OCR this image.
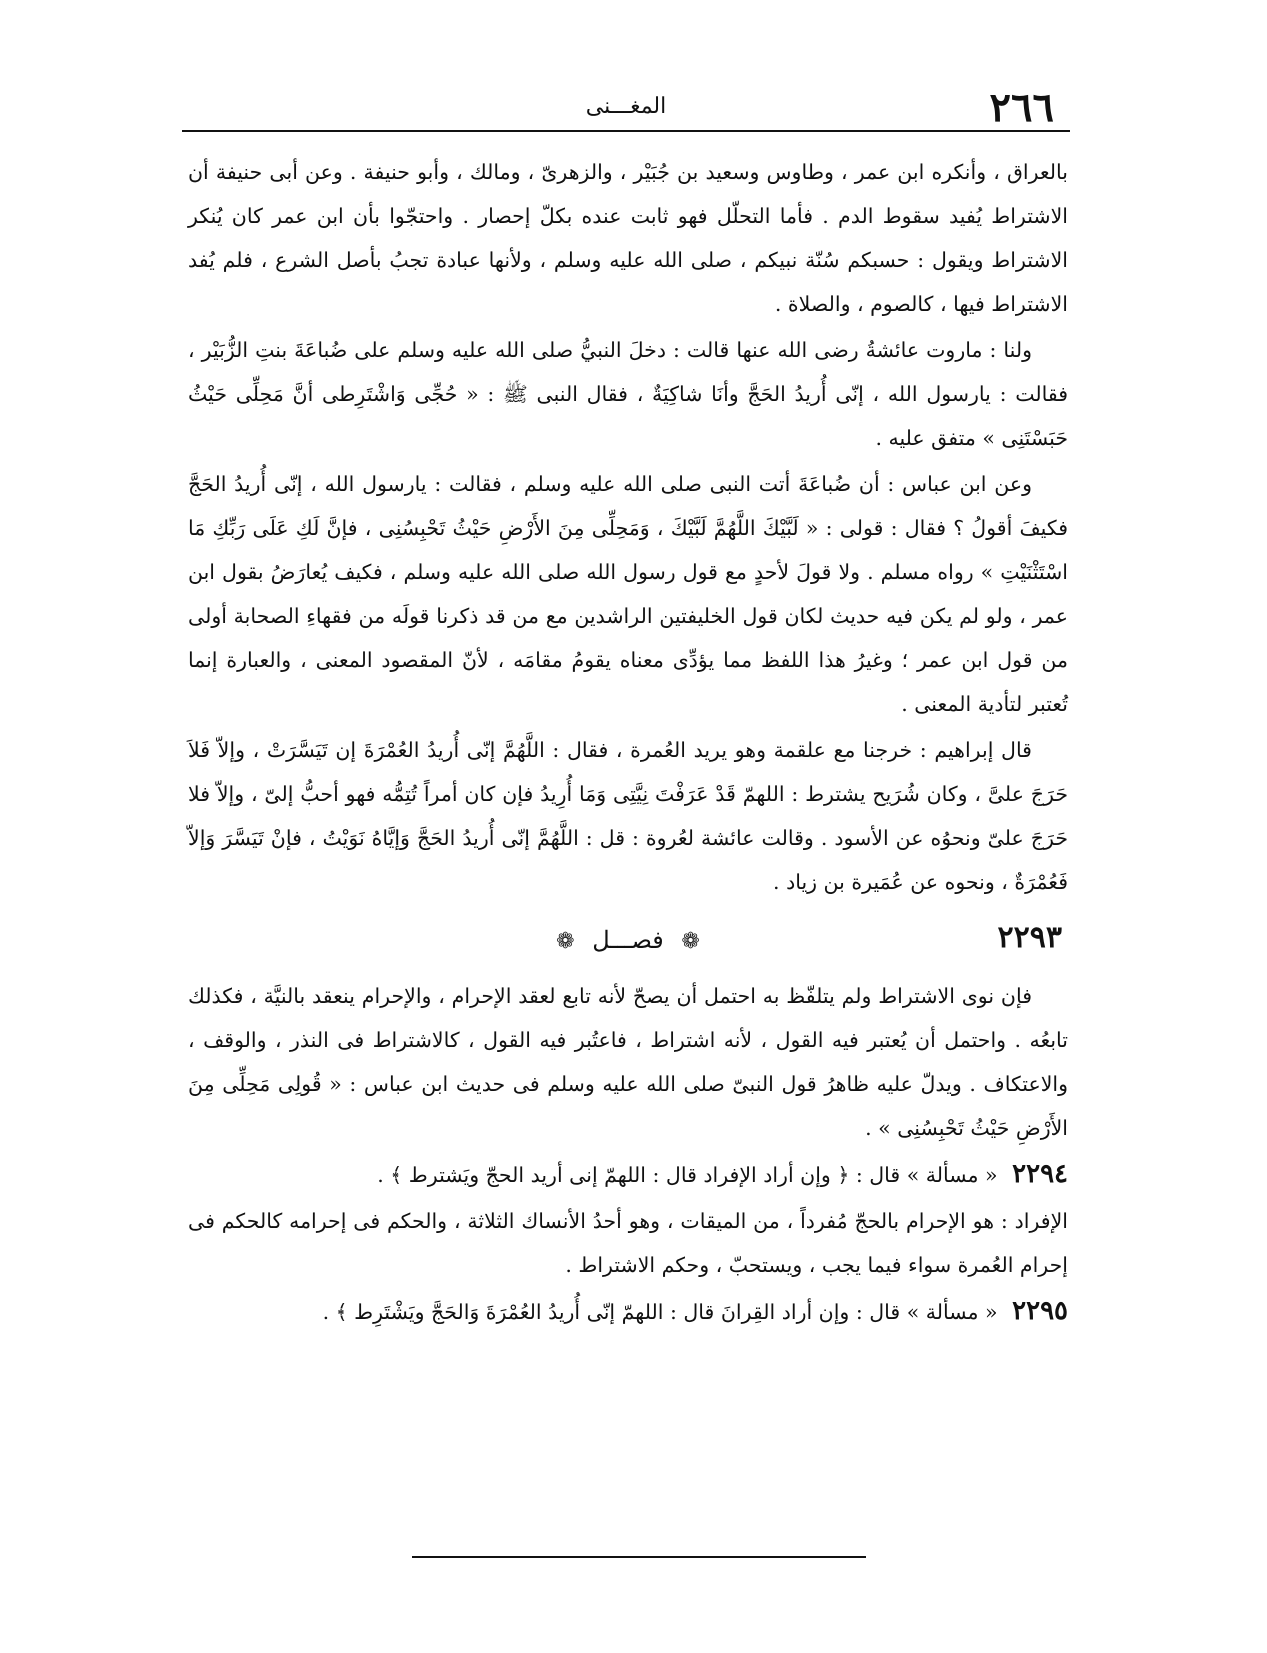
٢٦٦
المغـــنى

بالعراق ، وأنكره ابن عمر ، وطاوس وسعيد بن جُبَيْر ، والزهرىّ ، ومالك ، وأبو حنيفة . وعن أبى حنيفة أن الاشتراط يُفيد سقوط الدم . فأما التحلّل فهو ثابت عنده بكلّ إحصار . واحتجّوا بأن ابن عمر كان يُنكر الاشتراط ويقول : حسبكم سُنّة نبيكم ، صلى الله عليه وسلم ، ولأنها عبادة تجبُ بأصل الشرع ، فلم يُفد الاشتراط فيها ، كالصوم ، والصلاة .

ولنا : ماروت عائشةُ رضى الله عنها قالت : دخلَ النبيُّ صلى الله عليه وسلم على ضُباعَةَ بنتِ الزُّبَيْر ، فقالت : يارسول الله ، إنّى أُريدُ الحَجَّ وأنَا شاكِيَةٌ ، فقال النبى ﷺ : « حُجِّى وَاشْتَرِطى أنَّ مَحِلِّى حَيْثُ حَبَسْتَنِى » متفق عليه .

وعن ابن عباس : أن ضُباعَةَ أتت النبى صلى الله عليه وسلم ، فقالت : يارسول الله ، إنّى أُريدُ الحَجَّ فكيفَ أقولُ ؟ فقال : قولى : « لَبَّيْكَ اللَّهُمَّ لَبَّيْكَ ، وَمَحِلِّى مِنَ الأَرْضِ حَيْثُ تَحْبِسُنِى ، فإنَّ لَكِ عَلَى رَبِّكِ مَا اسْتَثْنَيْتِ » رواه مسلم . ولا قولَ لأحدٍ مع قول رسول الله صلى الله عليه وسلم ، فكيف يُعارَضُ بقول ابن عمر ، ولو لم يكن فيه حديث لكان قول الخليفتين الراشدين مع من قد ذكرنا قولَه من فقهاءِ الصحابة أولى من قول ابن عمر ؛ وغيرُ هذا اللفظ مما يؤدِّى معناه يقومُ مقامَه ، لأنّ المقصود المعنى ، والعبارة إنما تُعتبر لتأدية المعنى .

قال إبراهيم : خرجنا مع علقمة وهو يريد العُمرة ، فقال : اللَّهُمَّ إنّى أُريدُ العُمْرَةَ إن تَيَسَّرَتْ ، وإلاّ فَلاَ حَرَجَ علىَّ ، وكان شُرَيح يشترط : اللهمّ قَدْ عَرَفْتَ نِيَّتِى وَمَا أُرِيدُ فإن كان أمراً تُتِمُّه فهو أحبُّ إلىّ ، وإلاّ فلا حَرَجَ علىّ ونحوُه عن الأسود . وقالت عائشة لعُروة : قل : اللَّهُمَّ إنّى أُريدُ الحَجَّ وَإيَّاهُ نَوَيْتُ ، فإنْ تَيَسَّرَ وَإلاّ فَعُمْرَةٌ ، ونحوه عن عُمَيرة بن زياد .

٢٢٩٣
❁ فصـــل ❁

فإن نوى الاشتراط ولم يتلفّظ به احتمل أن يصحّ لأنه تابع لعقد الإحرام ، والإحرام ينعقد بالنيَّة ، فكذلك تابعُه . واحتمل أن يُعتبر فيه القول ، لأنه اشتراط ، فاعتُبر فيه القول ، كالاشتراط فى النذر ، والوقف ، والاعتكاف . ويدلّ عليه ظاهرُ قول النبىّ صلى الله عليه وسلم فى حديث ابن عباس : « قُولِى مَحِلِّى مِنَ الأَرْضِ حَيْثُ تَحْبِسُنِى » .

٢٢٩٤ « مسألة » قال : ﴿ وإن أراد الإفراد قال : اللهمّ إنى أريد الحجّ ويَشترط ﴾ .

الإفراد : هو الإحرام بالحجّ مُفرداً ، من الميقات ، وهو أحدُ الأنساك الثلاثة ، والحكم فى إحرامه كالحكم فى إحرام العُمرة سواء فيما يجب ، ويستحبّ ، وحكم الاشتراط .

٢٢٩٥ « مسألة » قال : وإن أراد القِرانَ قال : اللهمّ إنّى أُريدُ العُمْرَةَ وَالحَجَّ ويَشْتَرِط ﴾ .
